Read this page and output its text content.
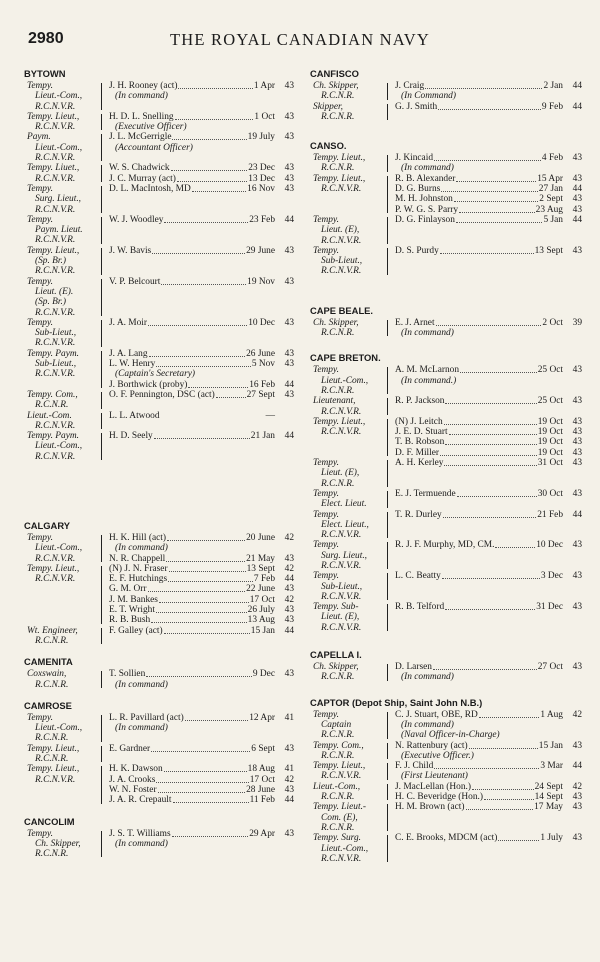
2980	THE ROYAL CANADIAN NAVY
BYTOWN
Tempy.
Lieut.-Com.,
R.C.N.V.R.
J. H. Rooney (act)	1 Apr	43
(In command)
Tempy. Lieut.,
R.C.N.V.R.
H. D. L. Snelling	1 Oct	43
(Executive Officer)
Paym.
Lieut.-Com.,
R.C.N.V.R.
J. L. McGerrigle	19 July	43
(Accountant Officer)
Tempy. Liuet.,
R.C.N.V.R.
W. S. Chadwick	23 Dec	43
J. C. Murray (act)	13 Dec	43
Tempy.
Surg. Lieut.,
R.C.N.V.R.
D. L. MacIntosh, MD	16 Nov	43
Tempy.
Paym. Lieut.
R.C.N.V.R.
W. J. Woodley	23 Feb	44
Tempy. Lieut.,
(Sp. Br.)
R.C.N.V.R.
J. W. Bavis	29 June	43
Tempy.
Lieut. (E).
(Sp. Br.)
R.C.N.V.R.
V. P. Belcourt	19 Nov	43
Tempy.
Sub-Lieut.,
R.C.N.V.R.
J. A. Moir	10 Dec	43
Tempy. Paym.
Sub-Lieut.,
R.C.N.V.R.
J. A. Lang	26 June	43
L. W. Henry	5 Nov	43
(Captain's Secretary)
J. Borthwick (proby)	16 Feb	44
Tempy. Com.,
R.C.N.R.
O. F. Pennington, DSC (act)	27 Sept	43
Lieut.-Com.
R.C.N.V.R.
L. L. Atwood	—
Tempy. Paym.
Lieut.-Com.,
R.C.N.V.R.
H. D. Seely	21 Jan	44
CALGARY
Tempy.
Lieut.-Com.,
R.C.N.V.R.
H. K. Hill (act)	20 June	42
(In command)
N. R. Chappell	21 May	43
Tempy. Lieut.,
R.C.N.V.R.
(N) J. N. Fraser	13 Sept	42
E. F. Hutchings	7 Feb	44
G. M. Orr	22 June	43
J. M. Bankes	17 Oct	42
E. T. Wright	26 July	43
R. B. Bush	13 Aug	43
Wt. Engineer,
R.C.N.R.
F. Galley (act)	15 Jan	44
CAMENITA
Coxswain,
R.C.N.R.
T. Sollien	9 Dec	43
(In command)
CAMROSE
Tempy.
Lieut.-Com.,
R.C.N.R.
L. R. Pavillard (act)	12 Apr	41
(In command)
Tempy. Lieut.,
R.C.N.R.
E. Gardner	6 Sept	43
Tempy. Lieut.,
R.C.N.V.R.
H. K. Dawson	18 Aug	41
J. A. Crooks	17 Oct	42
W. N. Foster	28 June	43
J. A. R. Crepault	11 Feb	44
CANCOLIM
Tempy.
Ch. Skipper,
R.C.N.R.
J. S. T. Williams	29 Apr	43
(In command)
CANFISCO
Ch. Skipper,
R.C.N.R.
J. Craig	2 Jan	44
(In Command)
Skipper,
R.C.N.R.
G. J. Smith	9 Feb	44
CANSO.
Tempy. Lieut.,
R.C.N.R.
J. Kincaid	4 Feb	43
(In command)
Tempy. Lieut.,
R.C.N.V.R.
R. B. Alexander	15 Apr	43
D. G. Burns	27 Jan	44
M. H. Johnston	2 Sept	43
P. W. G. S. Parry	23 Aug	43
Tempy.
Lieut. (E),
R.C.N.V.R.
D. G. Finlayson	5 Jan	44
Tempy.
Sub-Lieut.,
R.C.N.V.R.
D. S. Purdy	13 Sept	43
CAPE BEALE.
Ch. Skipper,
R.C.N.R.
E. J. Arnet	2 Oct	39
(In command)
CAPE BRETON.
Tempy.
Lieut.-Com.,
R.C.N.R.
A. M. McLarnon	25 Oct	43
(In command.)
Lieutenant,
R.C.N.V.R.
R. P. Jackson	25 Oct	43
Tempy. Lieut.,
R.C.N.V.R.
(N) J. Leitch	19 Oct	43
J. E. D. Stuart	19 Oct	43
T. B. Robson	19 Oct	43
D. F. Miller	19 Oct	43
Tempy.
Lieut. (E),
R.C.N.R.
A. H. Kerley	31 Oct	43
Tempy.
Elect. Lieut.
E. J. Termuende	30 Oct	43
Tempy.
Elect. Lieut.,
R.C.N.V.R.
T. R. Durley	21 Feb	44
Tempy.
Surg. Lieut.,
R.C.N.V.R.
R. J. F. Murphy, MD, CM.	10 Dec	43
Tempy.
Sub-Lieut.,
R.C.N.V.R.
L. C. Beatty	3 Dec	43
Tempy. Sub-
Lieut. (E),
R.C.N.V.R.
R. B. Telford	31 Dec	43
CAPELLA I.
Ch. Skipper,
R.C.N.R.
D. Larsen	27 Oct	43
(In command)
CAPTOR (Depot Ship, Saint John N.B.)
Tempy.
Captain
R.C.N.R.
C. J. Stuart, OBE, RD	1 Aug	42
(In command)
(Naval Officer-in-Charge)
Tempy. Com.,
R.C.N.R.
N. Rattenbury (act)	15 Jan	43
(Executive Officer.)
Tempy. Lieut.,
R.C.N.V.R.
F. J. Child	3 Mar	44
(First Lieutenant)
Lieut.-Com.,
R.C.N.R.
J. MacLellan (Hon.)	24 Sept	42
H. C. Beveridge (Hon.)	14 Sept	43
Tempy. Lieut.-
Com. (E),
R.C.N.R.
H. M. Brown (act)	17 May	43
Tempy. Surg.
Lieut.-Com.,
R.C.N.V.R.
C. E. Brooks, MDCM (act)	1 July	43
